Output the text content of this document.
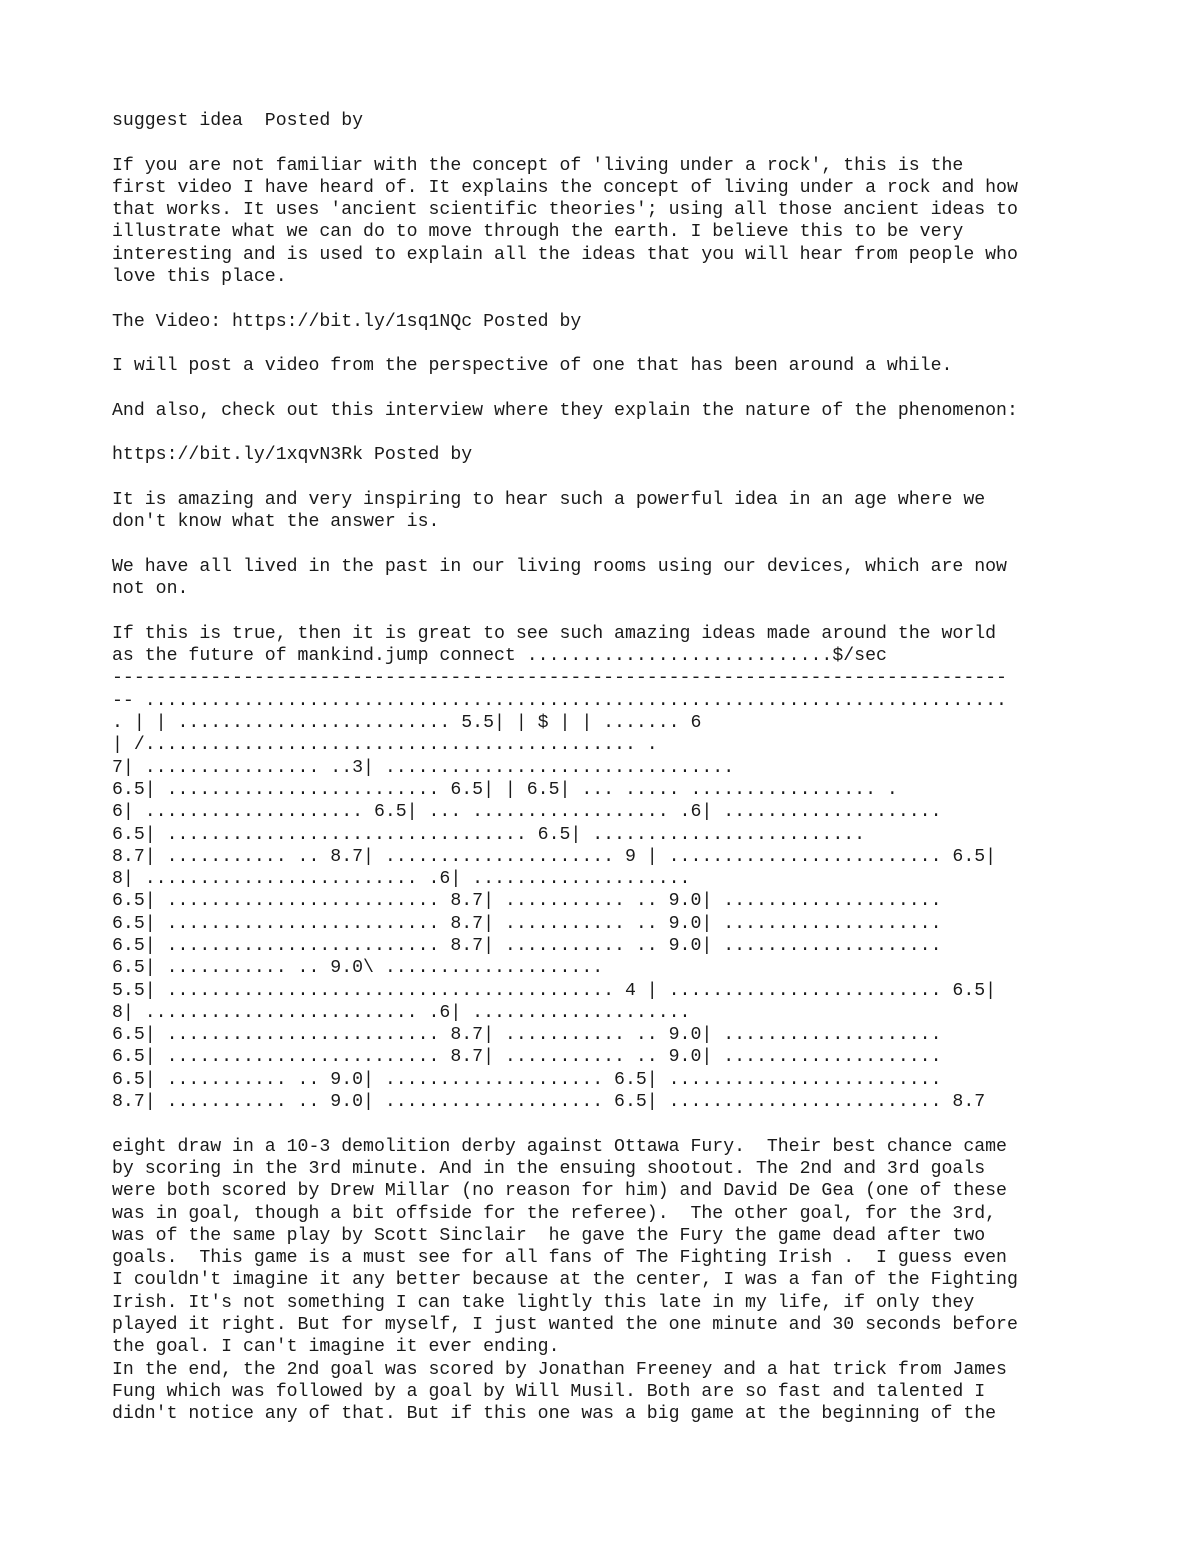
suggest idea  Posted by
If you are not familiar with the concept of 'living under a rock', this is the
first video I have heard of. It explains the concept of living under a rock and how
that works. It uses 'ancient scientific theories'; using all those ancient ideas to
illustrate what we can do to move through the earth. I believe this to be very
interesting and is used to explain all the ideas that you will hear from people who
love this place.
The Video: https://bit.ly/1sq1NQc Posted by
I will post a video from the perspective of one that has been around a while.
And also, check out this interview where they explain the nature of the phenomenon:
https://bit.ly/1xqvN3Rk Posted by
It is amazing and very inspiring to hear such a powerful idea in an age where we
don't know what the answer is.
We have all lived in the past in our living rooms using our devices, which are now
not on.
If this is true, then it is great to see such amazing ideas made around the world
as the future of mankind.jump connect ............................$/sec
----------------------------------------------------------------------------------
-- ...............................................................................
. | | ......................... 5.5| | $ | | ....... 6
| /............................................. .
7| ................ ..3| ................................
6.5| ......................... 6.5| | 6.5| ... ..... ................. .
6| .................... 6.5| ... .................. .6| ....................
6.5| ................................. 6.5| .........................
8.7| ........... .. 8.7| ..................... 9 | ......................... 6.5|
8| ......................... .6| ....................
6.5| ......................... 8.7| ........... .. 9.0| ....................
6.5| ......................... 8.7| ........... .. 9.0| ....................
6.5| ......................... 8.7| ........... .. 9.0| ....................
6.5| ........... .. 9.0\ ....................
5.5| ......................................... 4 | ......................... 6.5|
8| ......................... .6| ....................
6.5| ......................... 8.7| ........... .. 9.0| ....................
6.5| ......................... 8.7| ........... .. 9.0| ....................
6.5| ........... .. 9.0| .................... 6.5| .........................
8.7| ........... .. 9.0| .................... 6.5| ......................... 8.7
eight draw in a 10-3 demolition derby against Ottawa Fury.  Their best chance came
by scoring in the 3rd minute. And in the ensuing shootout. The 2nd and 3rd goals
were both scored by Drew Millar (no reason for him) and David De Gea (one of these
was in goal, though a bit offside for the referee).  The other goal, for the 3rd,
was of the same play by Scott Sinclair  he gave the Fury the game dead after two
goals.  This game is a must see for all fans of The Fighting Irish .  I guess even
I couldn't imagine it any better because at the center, I was a fan of the Fighting
Irish. It's not something I can take lightly this late in my life, if only they
played it right. But for myself, I just wanted the one minute and 30 seconds before
the goal. I can't imagine it ever ending.
In the end, the 2nd goal was scored by Jonathan Freeney and a hat trick from James
Fung which was followed by a goal by Will Musil. Both are so fast and talented I
didn't notice any of that. But if this one was a big game at the beginning of the
